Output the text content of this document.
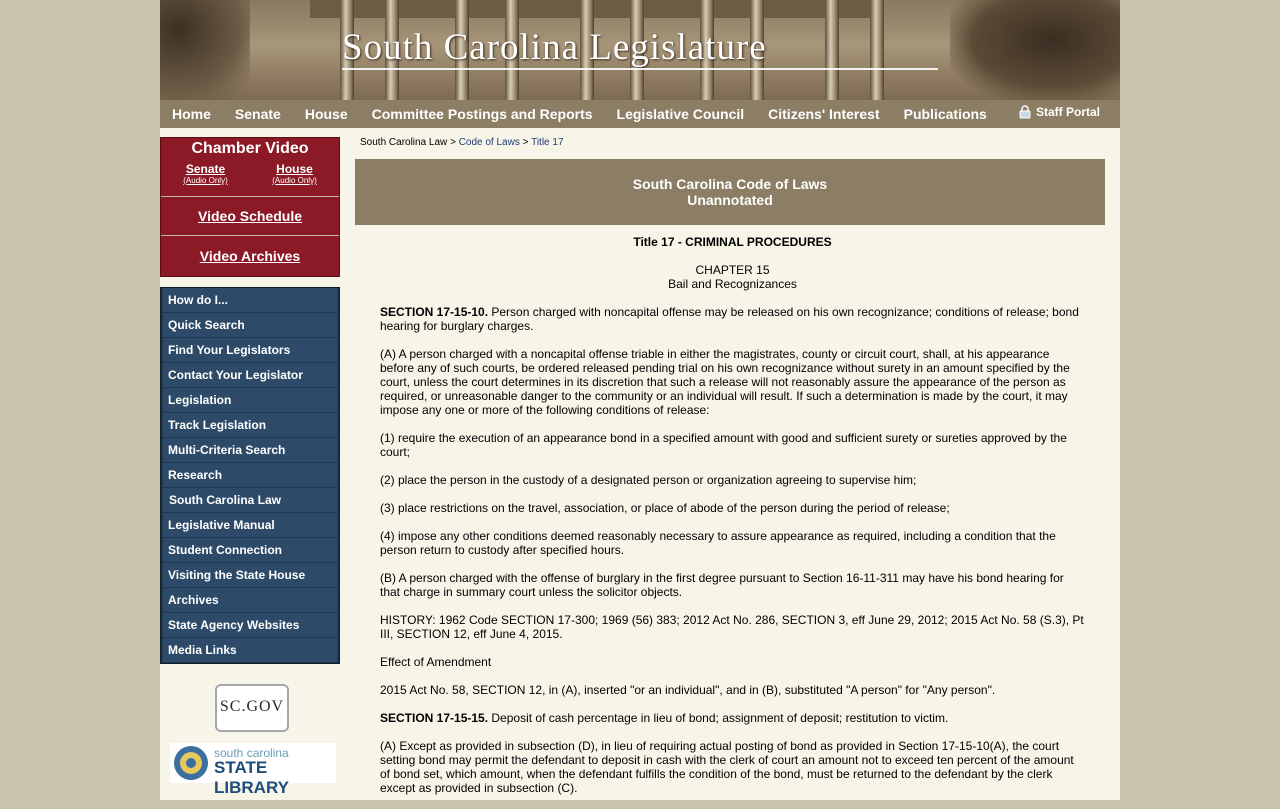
South Carolina Legislature
Home Senate House Committee Postings and Reports Legislative Council Citizens' Interest Publications	Staff Portal
Chamber Video
Senate
(Audio Only)
House
(Audio Only)
Video Schedule
Video Archives
How do I...
Quick Search
Find Your Legislators
Contact Your Legislator
Legislation
Track Legislation
Multi-Criteria Search
Research
South Carolina Law
Legislative Manual
Student Connection
Visiting the State House
Archives
State Agency Websites
Media Links
SC.GOV
south carolina
STATE LIBRARY
South Carolina Law > Code of Laws > Title 17
South Carolina Code of Laws
Unannotated
Title 17 - CRIMINAL PROCEDURES
CHAPTER 15
Bail and Recognizances

SECTION 17-15-10. Person charged with noncapital offense may be released on his own recognizance; conditions of release; bond hearing for burglary charges.

(A) A person charged with a noncapital offense triable in either the magistrates, county or circuit court, shall, at his appearance before any of such courts, be ordered released pending trial on his own recognizance without surety in an amount specified by the court, unless the court determines in its discretion that such a release will not reasonably assure the appearance of the person as required, or unreasonable danger to the community or an individual will result. If such a determination is made by the court, it may impose any one or more of the following conditions of release:

(1) require the execution of an appearance bond in a specified amount with good and sufficient surety or sureties approved by the court;

(2) place the person in the custody of a designated person or organization agreeing to supervise him;

(3) place restrictions on the travel, association, or place of abode of the person during the period of release;

(4) impose any other conditions deemed reasonably necessary to assure appearance as required, including a condition that the person return to custody after specified hours.

(B) A person charged with the offense of burglary in the first degree pursuant to Section 16-11-311 may have his bond hearing for that charge in summary court unless the solicitor objects.

HISTORY: 1962 Code SECTION 17-300; 1969 (56) 383; 2012 Act No. 286, SECTION 3, eff June 29, 2012; 2015 Act No. 58 (S.3), Pt III, SECTION 12, eff June 4, 2015.

Effect of Amendment

2015 Act No. 58, SECTION 12, in (A), inserted "or an individual", and in (B), substituted "A person" for "Any person".

SECTION 17-15-15. Deposit of cash percentage in lieu of bond; assignment of deposit; restitution to victim.

(A) Except as provided in subsection (D), in lieu of requiring actual posting of bond as provided in Section 17-15-10(A), the court setting bond may permit the defendant to deposit in cash with the clerk of court an amount not to exceed ten percent of the amount of bond set, which amount, when the defendant fulfills the condition of the bond, must be returned to the defendant by the clerk except as provided in subsection (C).
